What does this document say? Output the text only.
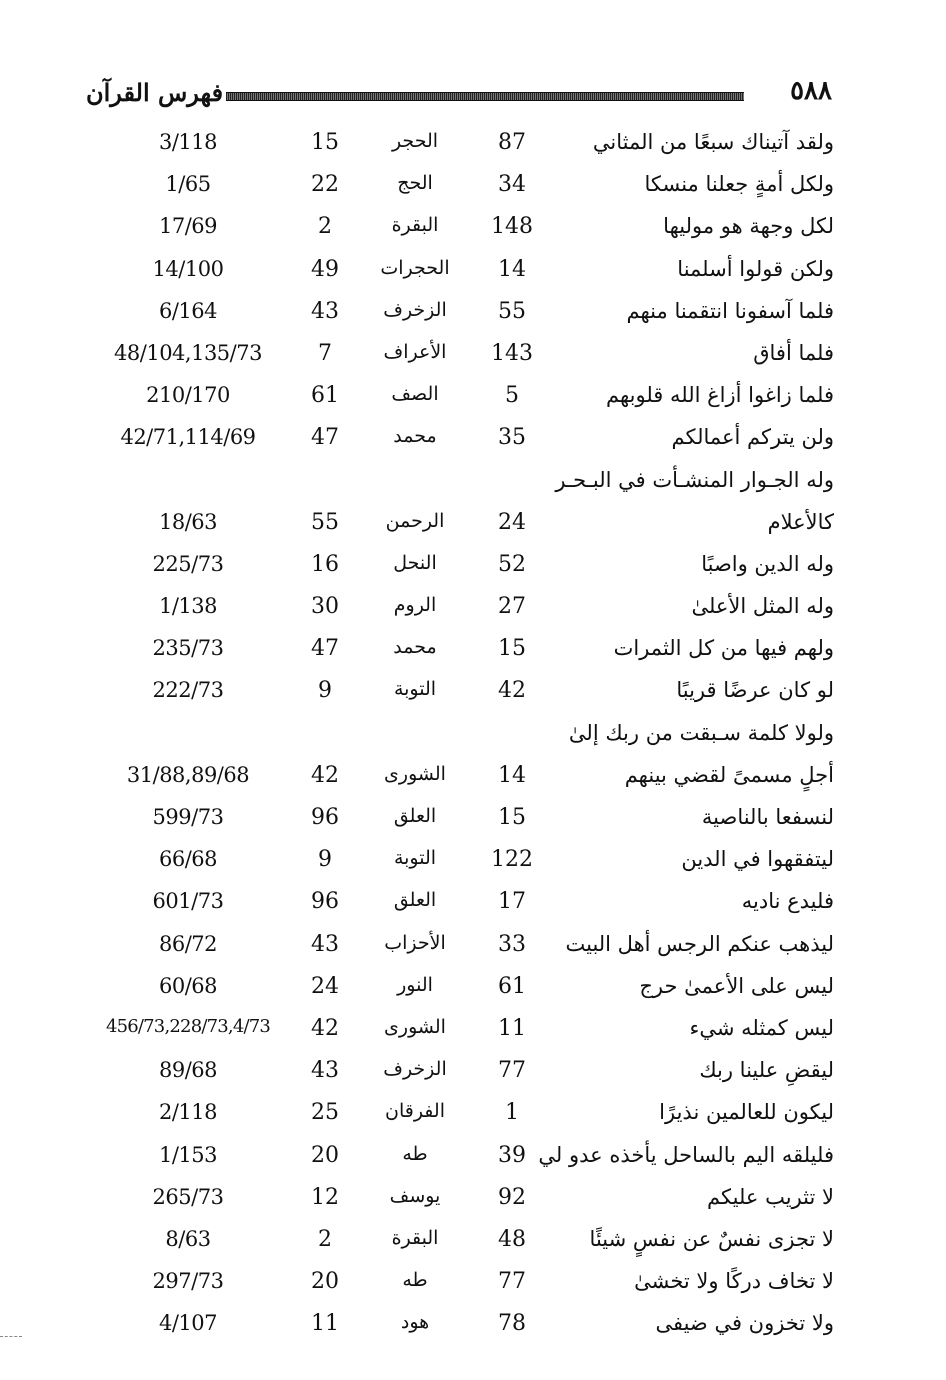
٥٨٨
فهرس القرآن
ولقد آتيناك سبعًا من المثاني
87
الحجر
15
3/118
ولكل أمةٍ جعلنا منسكا
34
الحج
22
1/65
لكل وجهة هو موليها
148
البقرة
2
17/69
ولكن قولوا أسلمنا
14
الحجرات
49
14/100
فلما آسفونا انتقمنا منهم
55
الزخرف
43
6/164
فلما أفاق
143
الأعراف
7
48/104,135/73
فلما زاغوا أزاغ الله قلوبهم
5
الصف
61
210/170
ولن يتركم أعمالكم
35
محمد
47
42/71,114/69
وله الجـوار المنشـأت في البـحـر
كالأعلام
24
الرحمن
55
18/63
وله الدين واصبًا
52
النحل
16
225/73
وله المثل الأعلىٰ
27
الروم
30
1/138
ولهم فيها من كل الثمرات
15
محمد
47
235/73
لو كان عرضًا قريبًا
42
التوبة
9
222/73
ولولا كلمة سـبقت من ربك إلىٰ
أجلٍ مسمىً لقضي بينهم
14
الشورى
42
31/88,89/68
لنسفعا بالناصية
15
العلق
96
599/73
ليتفقهوا في الدين
122
التوبة
9
66/68
فليدع ناديه
17
العلق
96
601/73
ليذهب عنكم الرجس أهل البيت
33
الأحزاب
43
86/72
ليس على الأعمىٰ حرج
61
النور
24
60/68
ليس كمثله شيء
11
الشورى
42
456/73,228/73,4/73
ليقضِ علينا ربك
77
الزخرف
43
89/68
ليكون للعالمين نذيرًا
1
الفرقان
25
2/118
فليلقه اليم بالساحل يأخذه عدو لي
39
طه
20
1/153
لا تثريب عليكم
92
يوسف
12
265/73
لا تجزى نفسٌ عن نفسٍ شيئًا
48
البقرة
2
8/63
لا تخاف دركًا ولا تخشىٰ
77
طه
20
297/73
ولا تخزون في ضيفى
78
هود
11
4/107
